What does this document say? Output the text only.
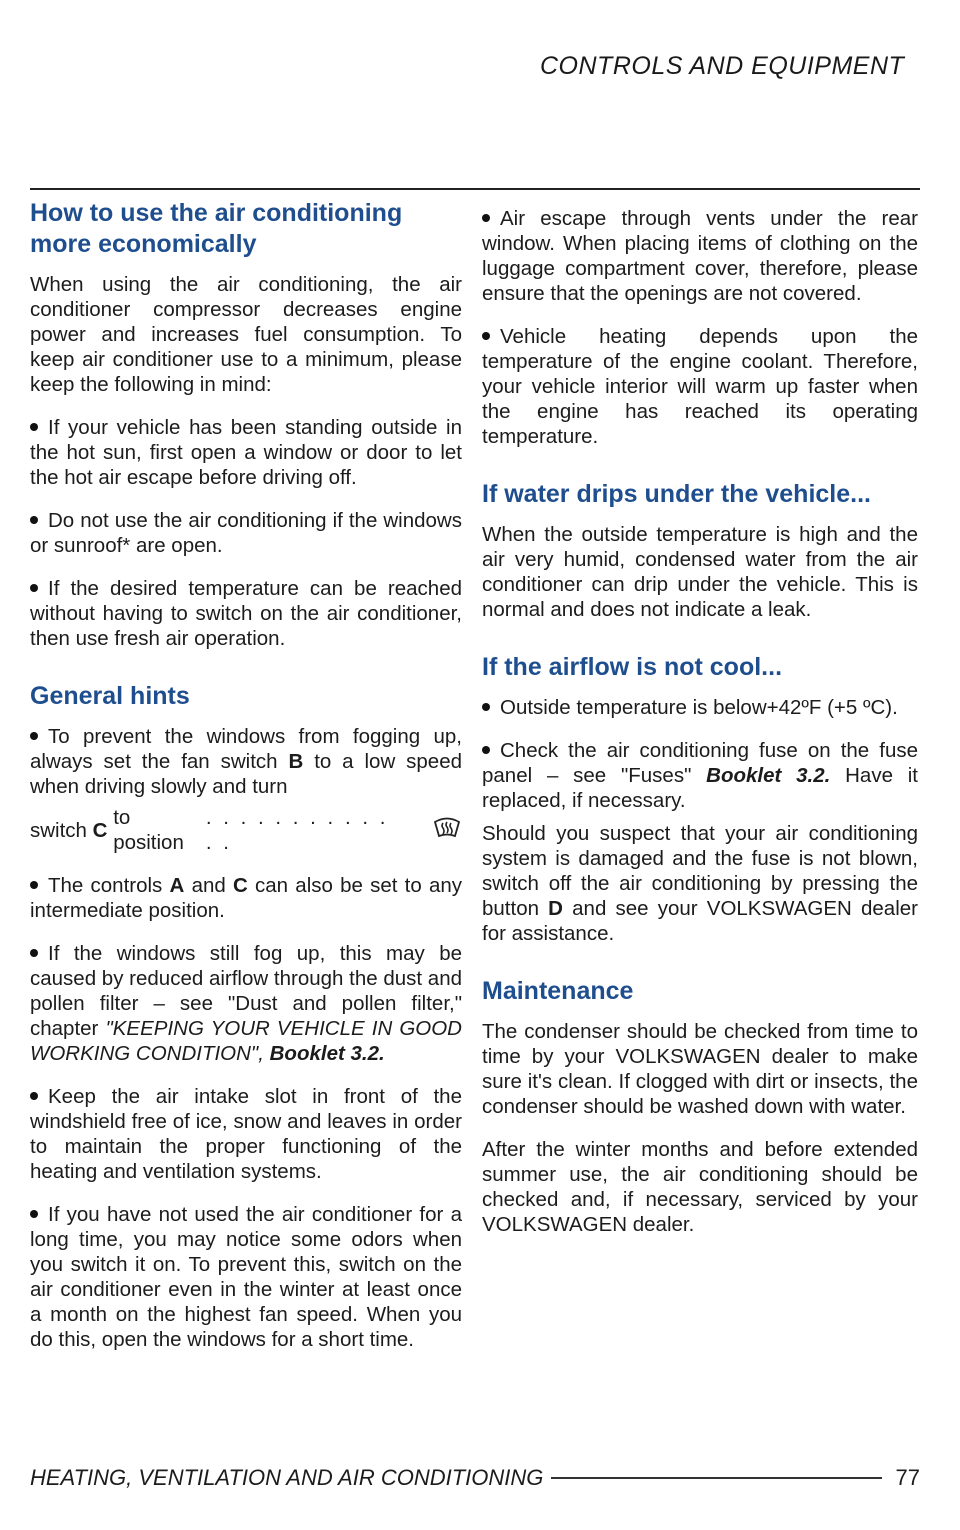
CONTROLS AND EQUIPMENT
How to use the air conditioning more economically

When using the air conditioning, the air conditioner compressor decreases engine power and increases fuel consumption. To keep air conditioner use to a minimum, please keep the following in mind:

If your vehicle has been standing outside in the hot sun, first open a window or door to let the hot air escape before driving off.

Do not use the air conditioning if the windows or sunroof* are open.

If the desired temperature can be reached without having to switch on the air conditioner, then use fresh air operation.

General hints

To prevent the windows from fogging up, always set the fan switch B to a low speed when driving slowly and turn

switch
C

to position
. . . . . . . . . . . . .

The controls A and C can also be set to any intermediate position.

If the windows still fog up, this may be caused by reduced airflow through the dust and pollen filter – see "Dust and pollen filter," chapter "KEEPING YOUR VEHICLE IN GOOD WORKING CONDITION", Booklet 3.2.

Keep the air intake slot in front of the windshield free of ice, snow and leaves in order to maintain the proper functioning of the heating and ventilation systems.

If you have not used the air conditioner for a long time, you may notice some odors when you switch it on. To prevent this, switch on the air conditioner even in the winter at least once a month on the highest fan speed. When you do this, open the windows for a short time.

Air escape through vents under the rear window. When placing items of clothing on the luggage compartment cover, therefore, please ensure that the openings are not covered.

Vehicle heating depends upon the temperature of the engine coolant. Therefore, your vehicle interior will warm up faster when the engine has reached its operating temperature.

If water drips under the vehicle...

When the outside temperature is high and the air very humid, condensed water from the air conditioner can drip under the vehicle. This is normal and does not indicate a leak.

If the airflow is not cool...

Outside temperature is below+42ºF (+5 ºC).

Check the air conditioning fuse on the fuse panel – see "Fuses" Booklet 3.2. Have it replaced, if necessary.

Should you suspect that your air conditioning system is damaged and the fuse is not blown, switch off the air conditioning by pressing the button D and see your VOLKSWAGEN dealer for assistance.

Maintenance

The condenser should be checked from time to time by your VOLKSWAGEN dealer to make sure it's clean. If clogged with dirt or insects, the condenser should be washed down with water.

After the winter months and before extended summer use, the air conditioning should be checked and, if necessary, serviced by your VOLKSWAGEN dealer.

HEATING, VENTILATION AND AIR CONDITIONING	77
